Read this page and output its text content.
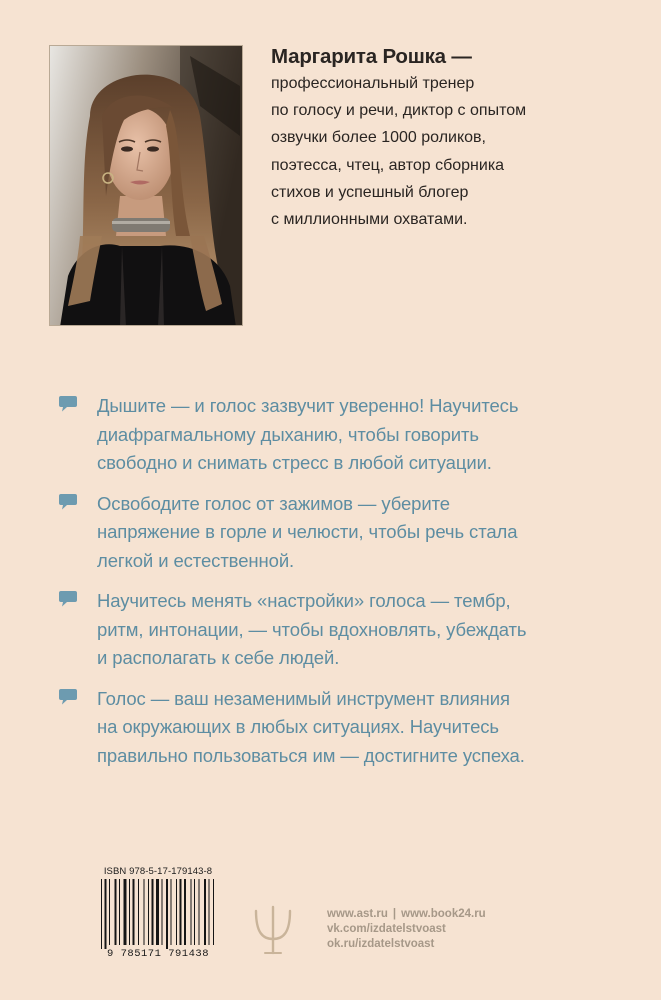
Маргарита Рошка —
профессиональный тренер
по голосу и речи, диктор с опытом
озвучки более 1000 роликов,
поэтесса, чтец, автор сборника
стихов и успешный блогер
с миллионными охватами.
Дышите — и голос зазвучит уверенно! Научитесь
диафрагмальному дыханию, чтобы говорить
свободно и снимать стресс в любой ситуации.
Освободите голос от зажимов — уберите
напряжение в горле и челюсти, чтобы речь стала
легкой и естественной.
Научитесь менять «настройки» голоса — тембр,
ритм, интонации, — чтобы вдохновлять, убеждать
и располагать к себе людей.
Голос — ваш незаменимый инструмент влияния
на окружающих в любых ситуациях. Научитесь
правильно пользоваться им — достигните успеха.
ISBN 978-5-17-179143-8
9 785171 791438
www.ast.ru | www.book24.ru
vk.com/izdatelstvoast
ok.ru/izdatelstvoast
